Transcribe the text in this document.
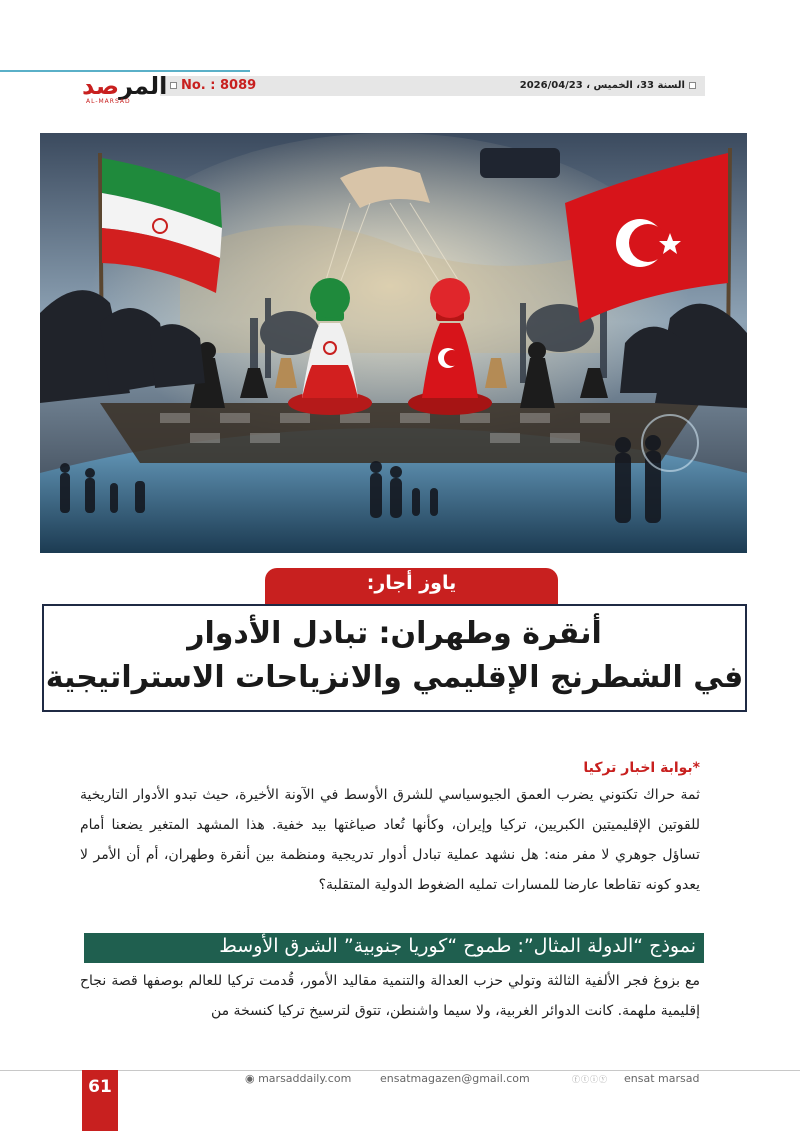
No. : 8089	السنة 33، الخميس ، 2026/04/23
المرصد
AL-MARSAD
ياوز أجار:
أنقرة وطهران: تبادل الأدوار
في الشطرنج الإقليمي والانزياحات الاستراتيجية
*بوابة اخبار تركيا

ثمة حراك تكتوني يضرب العمق الجيوسياسي للشرق الأوسط في الآونة الأخيرة، حيث تبدو الأدوار التاريخية للقوتين الإقليميتين الكبريين، تركيا وإيران، وكأنها تُعاد صياغتها بيد خفية. هذا المشهد المتغير يضعنا أمام تساؤل جوهري لا مفر منه: هل نشهد عملية تبادل أدوار تدريجية ومنظمة بين أنقرة وطهران، أم أن الأمر لا يعدو كونه تقاطعا عارضا للمسارات تمليه الضغوط الدولية المتقلبة؟

نموذج “الدولة المثال”: طموح “كوريا جنوبية” الشرق الأوسط

مع بزوغ فجر الألفية الثالثة وتولي حزب العدالة والتنمية مقاليد الأمور، قُدمت تركيا للعالم بوصفها قصة نجاح إقليمية ملهمة. كانت الدوائر الغربية، ولا سيما واشنطن، تتوق لترسيخ تركيا كنسخة من

61	◉ marsaddaily.com	ensatmagazen@gmail.com	ⓕⓣⓘⓨ ensat marsad
